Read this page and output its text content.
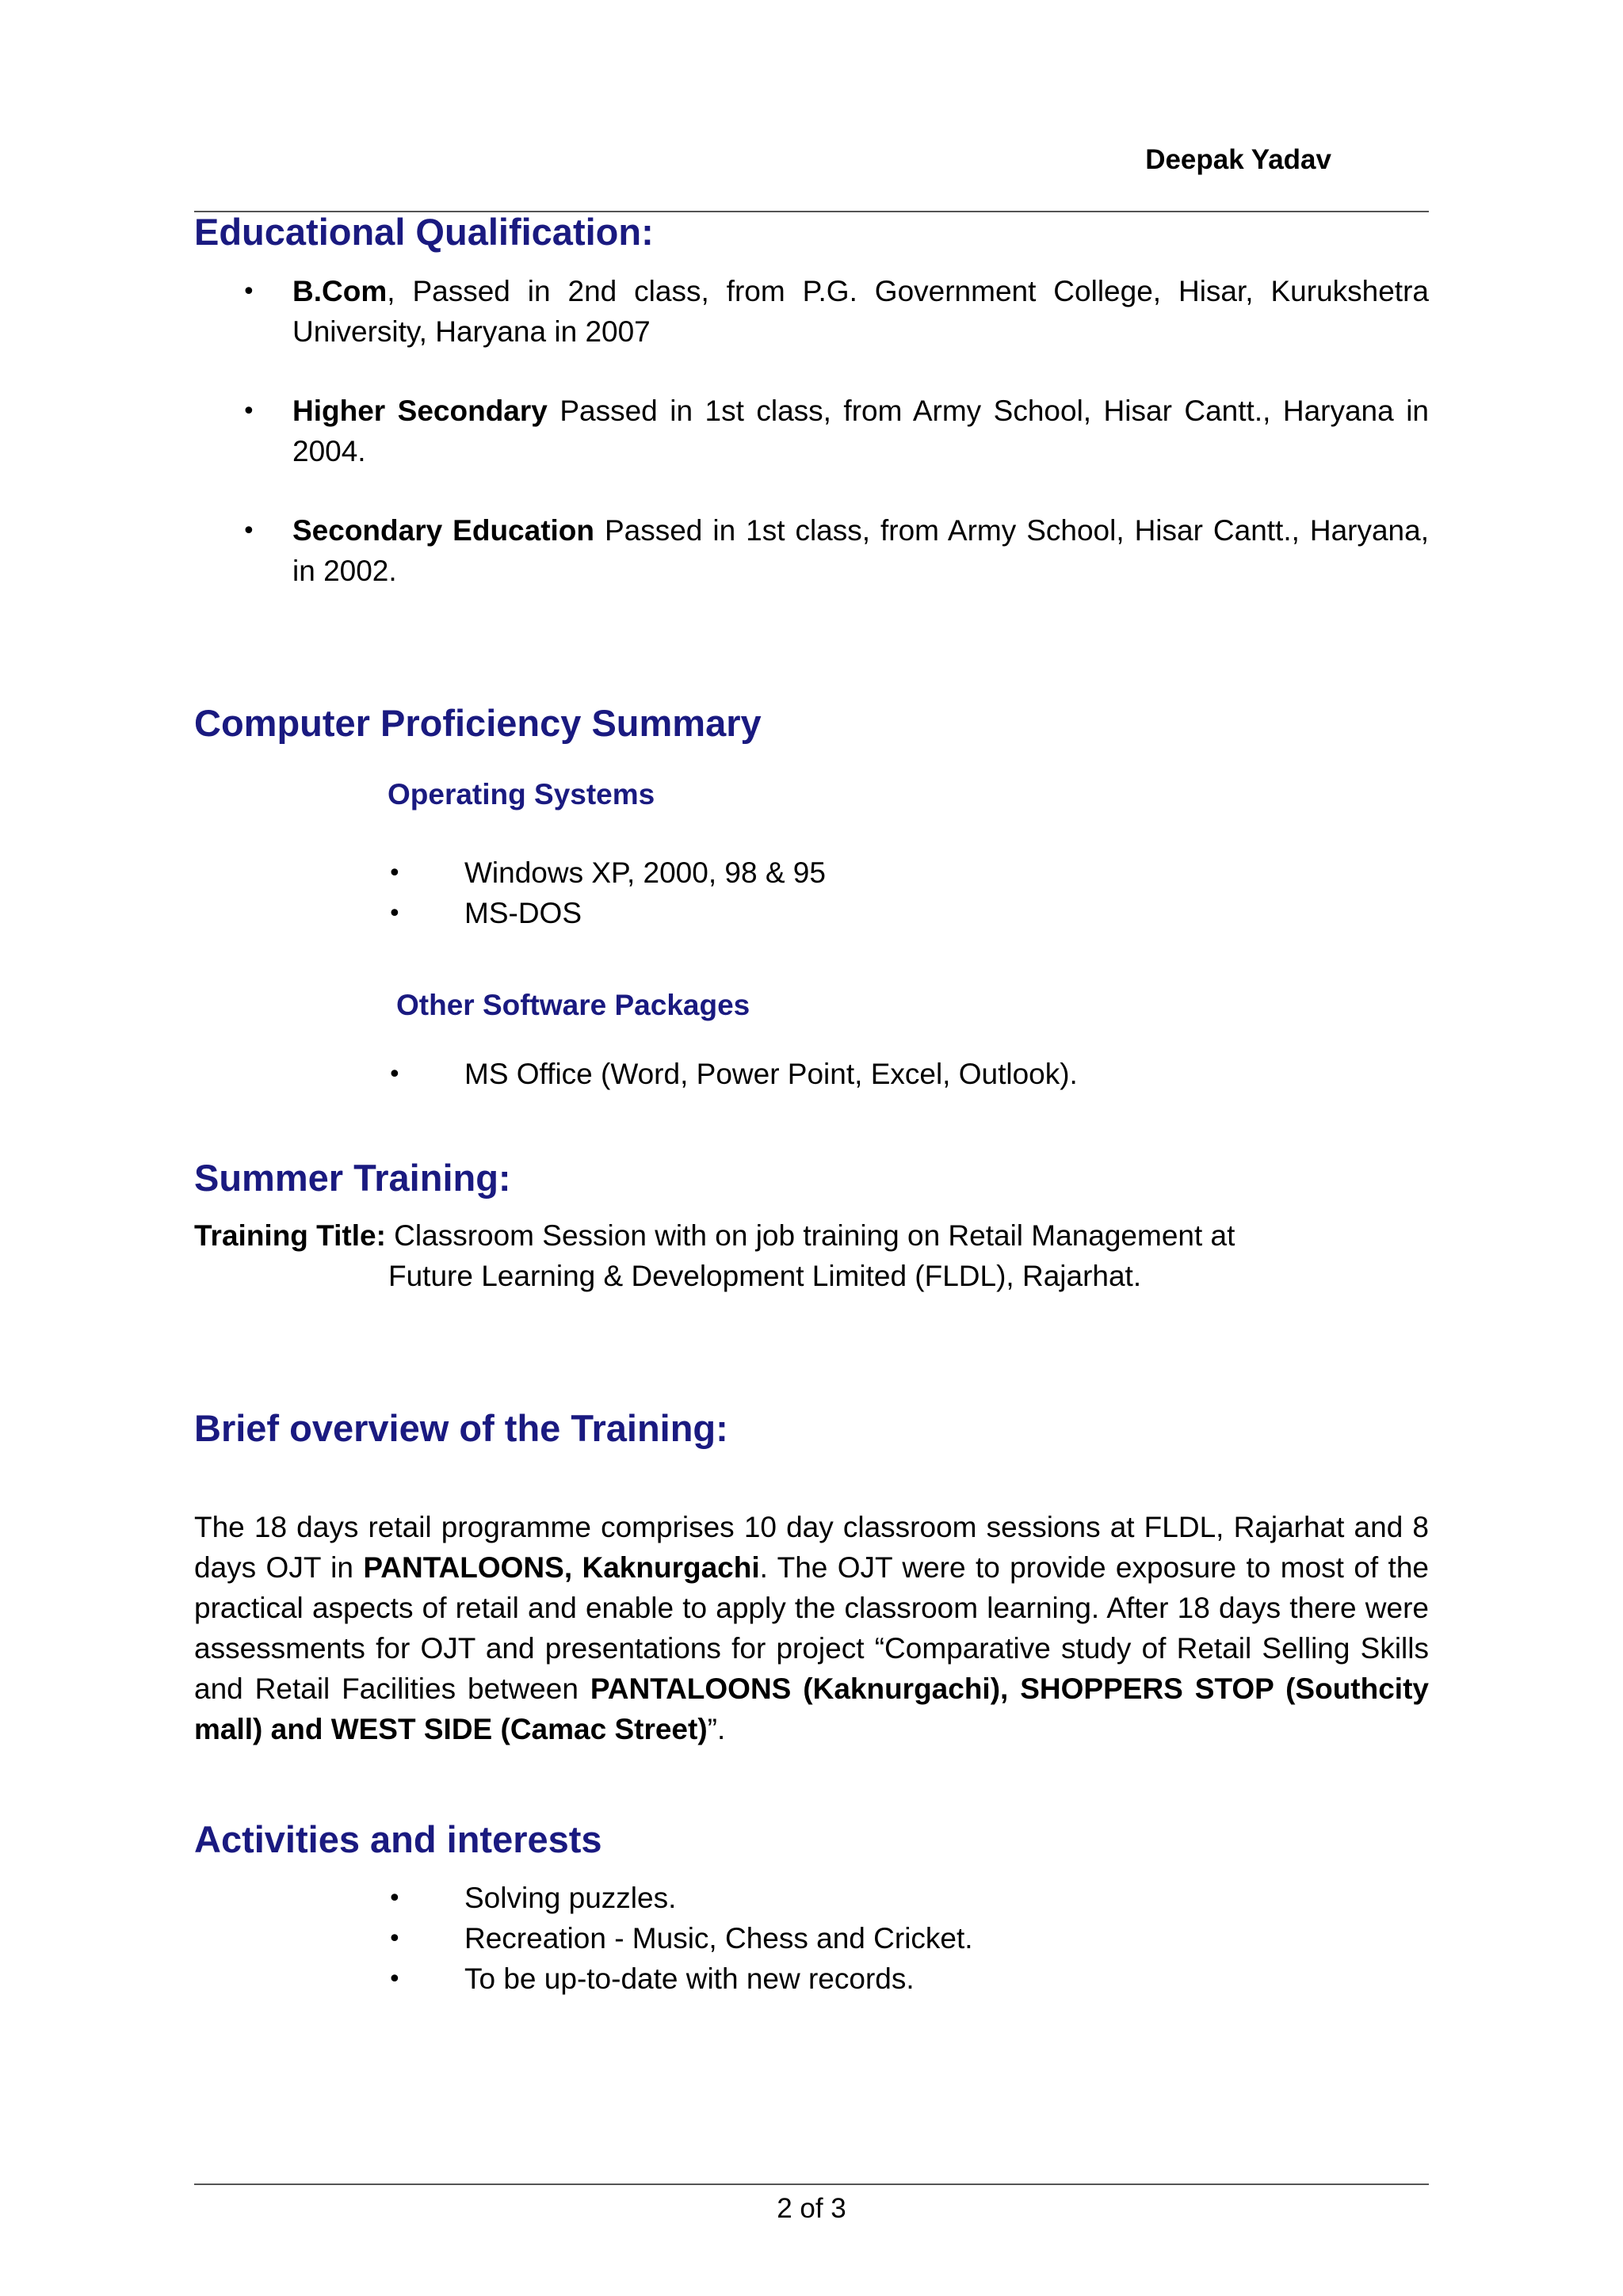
Deepak Yadav
Educational Qualification:
• B.Com, Passed in 2nd class, from P.G. Government College, Hisar, Kurukshetra University, Haryana in 2007
• Higher Secondary Passed in 1st class, from Army School, Hisar Cantt., Haryana in 2004.
• Secondary Education Passed in 1st class, from Army School, Hisar Cantt., Haryana, in 2002.
Computer Proficiency Summary
Operating Systems
• Windows XP, 2000, 98 & 95
• MS-DOS
Other Software Packages
• MS Office (Word, Power Point, Excel, Outlook).
Summer Training:
Training Title: Classroom Session with on job training on Retail Management at
Future Learning & Development Limited (FLDL), Rajarhat.
Brief overview of the Training:
The 18 days retail programme comprises 10 day classroom sessions at FLDL, Rajarhat and 8 days OJT in PANTALOONS, Kaknurgachi. The OJT were to provide exposure to most of the practical aspects of retail and enable to apply the classroom learning. After 18 days there were assessments for OJT and presentations for project “Comparative study of Retail Selling Skills and Retail Facilities between PANTALOONS (Kaknurgachi), SHOPPERS STOP (Southcity mall) and WEST SIDE (Camac Street)”.
Activities and interests
• Solving puzzles.
• Recreation - Music, Chess and Cricket.
• To be up-to-date with new records.
2 of 3
